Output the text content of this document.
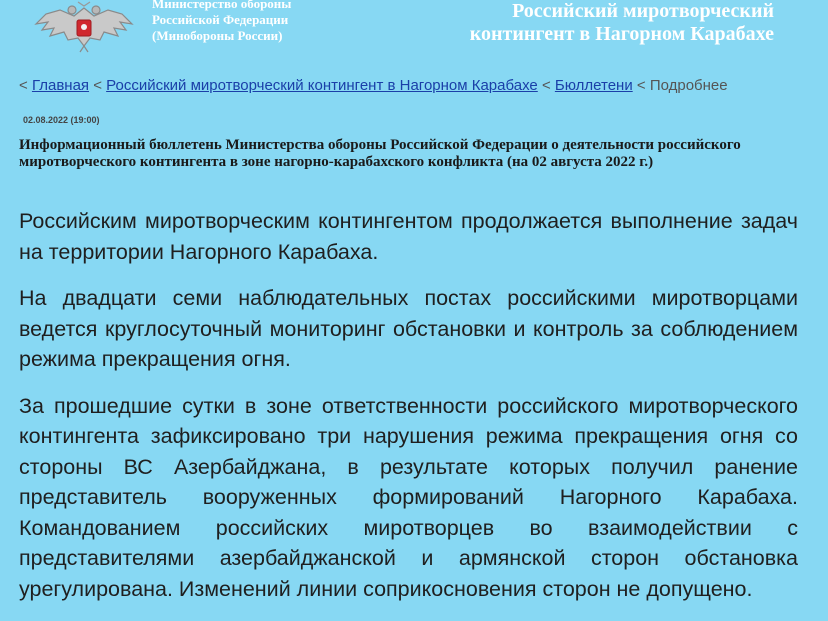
Министерство обороны
Российской Федерации
(Минобороны России)
Российский миротворческий
контингент в Нагорном Карабахе
< Главная < Российский миротворческий контингент в Нагорном Карабахе < Бюллетени < Подробнее
02.08.2022 (19:00)
Информационный бюллетень Министерства обороны Российской Федерации о деятельности российского миротворческого контингента в зоне нагорно-карабахского конфликта (на 02 августа 2022 г.)

Российским миротворческим контингентом продолжается выполнение задач на территории Нагорного Карабаха.

На двадцати семи наблюдательных постах российскими миротворцами ведется круглосуточный мониторинг обстановки и контроль за соблюдением режима прекращения огня.

За прошедшие сутки в зоне ответственности российского миротворческого контингента зафиксировано три нарушения режима прекращения огня со стороны ВС Азербайджана, в результате которых получил ранение представитель вооруженных формирований Нагорного Карабаха. Командованием российских миротворцев во взаимодействии с представителями азербайджанской и армянской сторон обстановка урегулирована. Изменений линии соприкосновения сторон не допущено.
